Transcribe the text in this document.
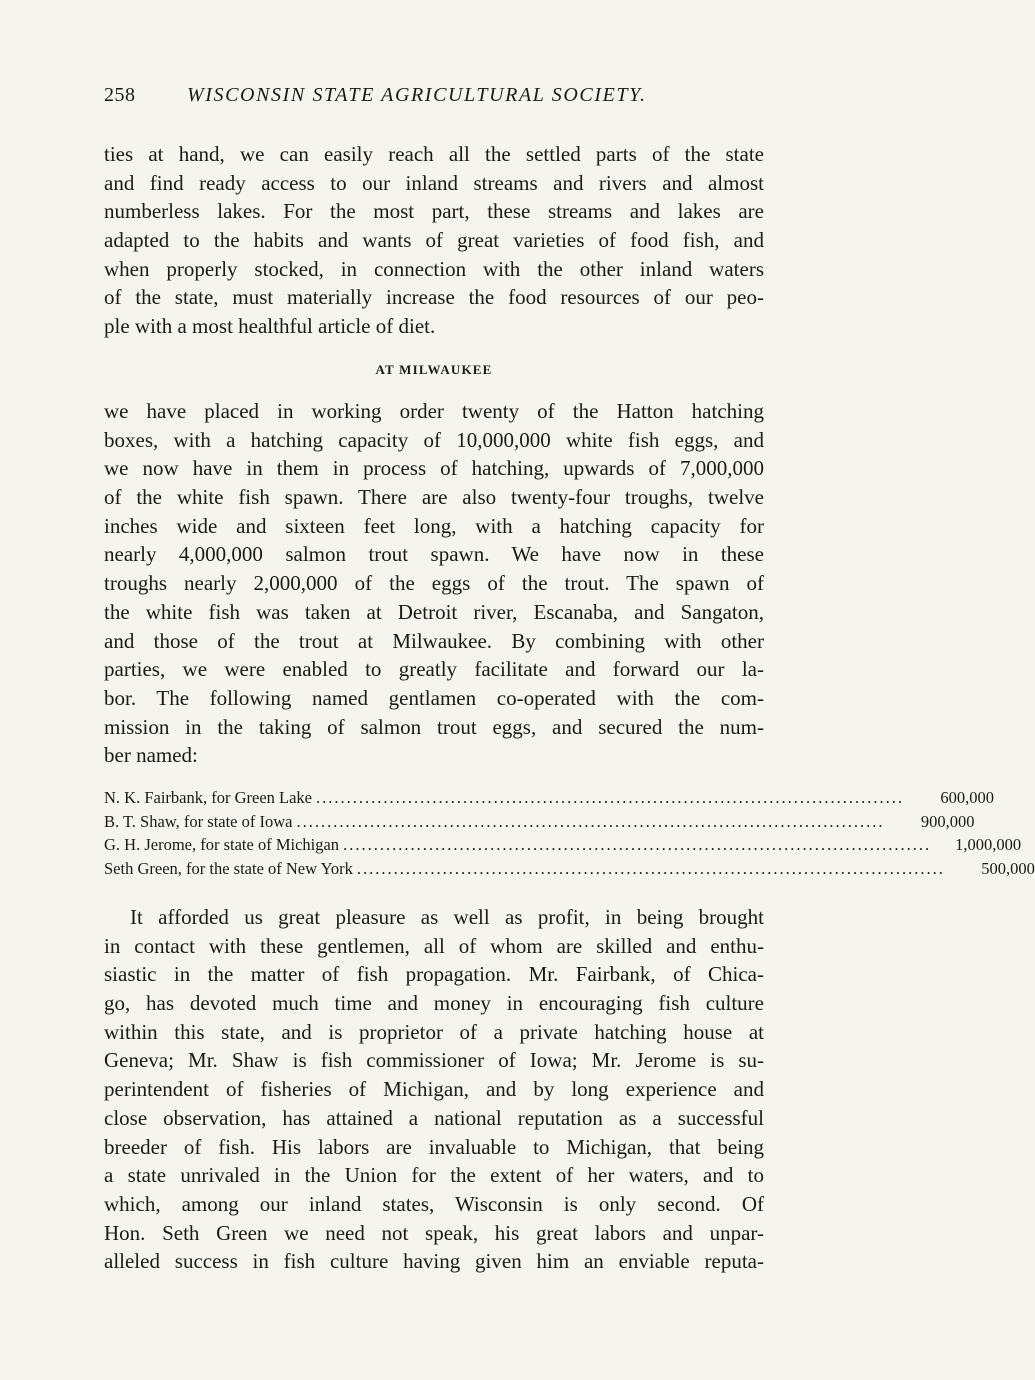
258	WISCONSIN STATE AGRICULTURAL SOCIETY.
ties at hand, we can easily reach all the settled parts of the state
and find ready access to our inland streams and rivers and almost
numberless lakes. For the most part, these streams and lakes are
adapted to the habits and wants of great varieties of food fish, and
when properly stocked, in connection with the other inland waters
of the state, must materially increase the food resources of our peo-
ple with a most healthful article of diet.
AT MILWAUKEE
we have placed in working order twenty of the Hatton hatching
boxes, with a hatching capacity of 10,000,000 white fish eggs, and
we now have in them in process of hatching, upwards of 7,000,000
of the white fish spawn. There are also twenty-four troughs, twelve
inches wide and sixteen feet long, with a hatching capacity for
nearly 4,000,000 salmon trout spawn. We have now in these
troughs nearly 2,000,000 of the eggs of the trout. The spawn of
the white fish was taken at Detroit river, Escanaba, and Sangaton,
and those of the trout at Milwaukee. By combining with other
parties, we were enabled to greatly facilitate and forward our la-
bor. The following named gentlamen co-operated with the com-
mission in the taking of salmon trout eggs, and secured the num-
ber named:
N. K. Fairbank, for Green Lake ................................................................................................	600,000
B. T. Shaw, for state of Iowa ................................................................................................	900,000
G. H. Jerome, for state of Michigan ................................................................................................	1,000,000
Seth Green, for the state of New York ................................................................................................	500,000
It afforded us great pleasure as well as profit, in being brought
in contact with these gentlemen, all of whom are skilled and enthu-
siastic in the matter of fish propagation. Mr. Fairbank, of Chica-
go, has devoted much time and money in encouraging fish culture
within this state, and is proprietor of a private hatching house at
Geneva; Mr. Shaw is fish commissioner of Iowa; Mr. Jerome is su-
perintendent of fisheries of Michigan, and by long experience and
close observation, has attained a national reputation as a successful
breeder of fish. His labors are invaluable to Michigan, that being
a state unrivaled in the Union for the extent of her waters, and to
which, among our inland states, Wisconsin is only second. Of
Hon. Seth Green we need not speak, his great labors and unpar-
alleled success in fish culture having given him an enviable reputa-
